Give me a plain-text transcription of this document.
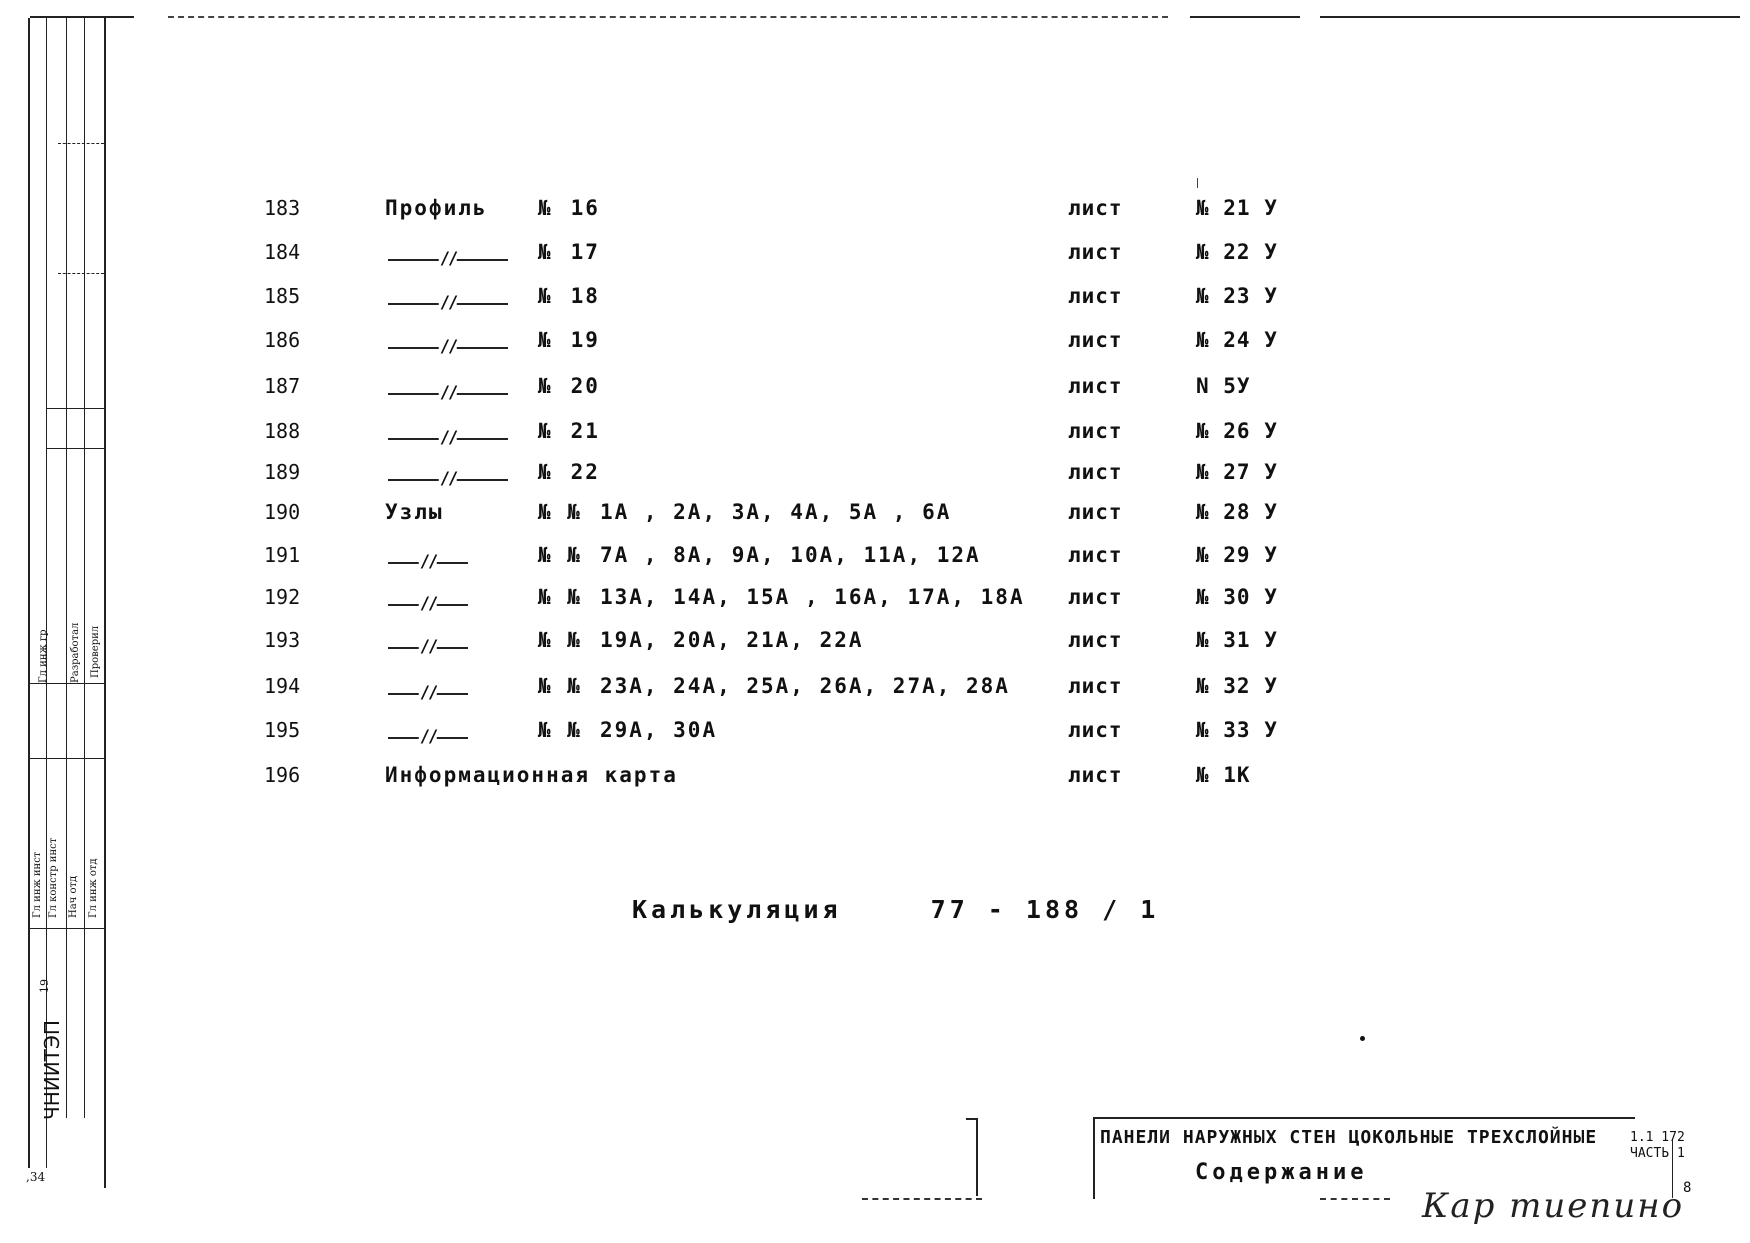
Гл инж гр Разработал Проверил
Гл инж инст Гл констр инст Нач отд Гл инж отд
19
ЧНИИТЭП
,34
183	Профиль № 16	лист	№ 21 У
184	//	№ 17	лист	№ 22 У
185	//	№ 18	лист	№ 23 У
186	//	№ 19	лист	№ 24 У
187	//	№ 20	лист	N 5У
188	//	№ 21	лист	№ 26 У
189	//	№ 22	лист	№ 27 У
190	Узлы	№ № 1А , 2А, 3А, 4А, 5А , 6А	лист	№ 28 У
191	//	№ № 7А , 8А, 9А, 10А, 11А, 12А	лист	№ 29 У
192	//	№ № 13А, 14А, 15А , 16А, 17А, 18А лист	№ 30 У
193	//	№ № 19А, 20А, 21А, 22А	лист	№ 31 У
194	//	№ № 23А, 24А, 25А, 26А, 27А, 28А	лист	№ 32 У
195	//	№ № 29А, 30А	лист	№ 33 У
196	Информационная карта	лист	№ 1К
Калькуляция	77 - 188 / 1
ПАНЕЛИ НАРУЖНЫХ СТЕН ЦОКОЛЬНЫЕ ТРЕХСЛОЙНЫЕ
Содержание
1.1 172
ЧАСТЬ 1
8
Кар тиепино
